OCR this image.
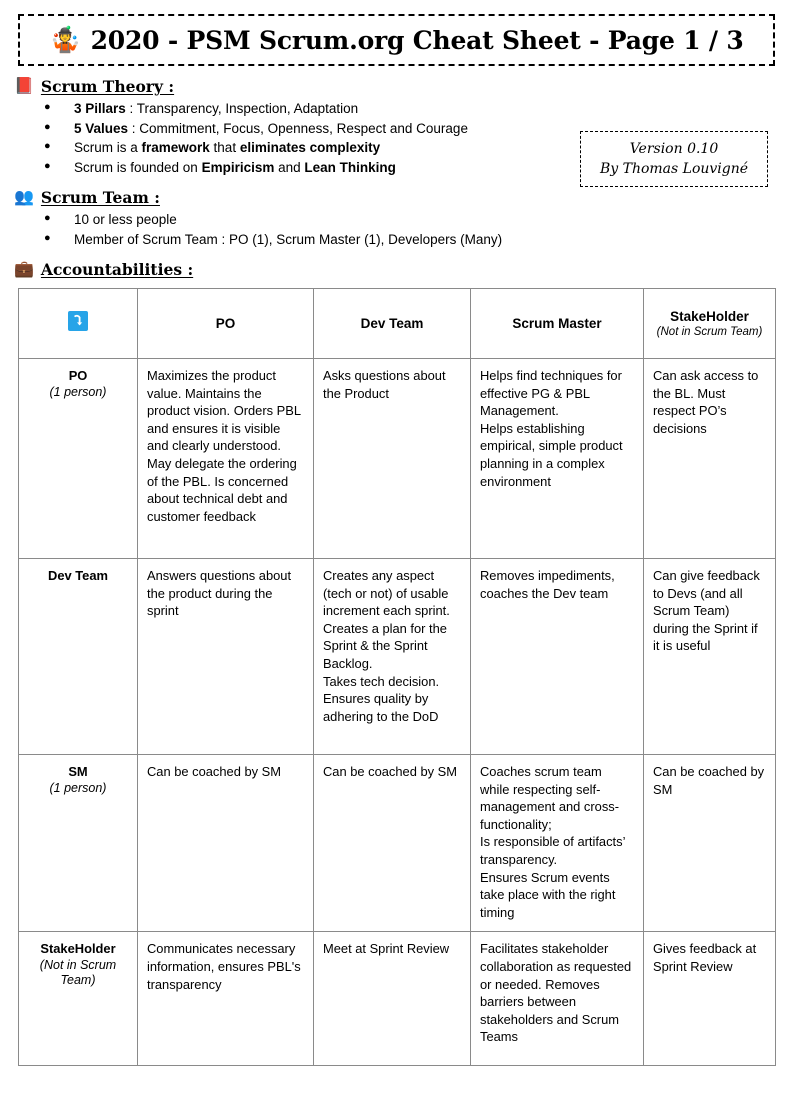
🤹 2020 - PSM Scrum.org Cheat Sheet - Page 1 / 3
📕 Scrum Theory :
● 3 Pillars : Transparency, Inspection, Adaptation
● 5 Values : Commitment, Focus, Openness, Respect and Courage
● Scrum is a framework that eliminates complexity
● Scrum is founded on Empiricism and Lean Thinking
Version 0.10
By Thomas Louvigné
👥 Scrum Team :
● 10 or less people
● Member of Scrum Team : PO (1), Scrum Master (1), Developers (Many)
💼 Accountabilities :
	PO	Dev Team	Scrum Master	StakeHolder
(Not in Scrum Team)

PO
(1 person)
	Maximizes the product value. Maintains the product vision. Orders PBL and ensures it is visible and clearly understood. May delegate the ordering of the PBL. Is concerned about technical debt and customer feedback	Asks questions about the Product	

Helps find techniques for effective PG & PBL Management.

Helps establishing empirical, simple product planning in a complex environment

	Can ask access to the BL. Must respect PO’s decisions
Dev Team	Answers questions about the product during the sprint	Creates any aspect (tech or not) of usable increment each sprint.

Creates a plan for the Sprint & the Sprint Backlog.

Takes tech decision.

Ensures quality by adhering to the DoD	Removes impediments, coaches the Dev team	Can give feedback to Devs (and all Scrum Team) during the Sprint if it is useful
SM
(1 person)
	Can be coached by SM	Can be coached by SM	Coaches scrum team while respecting self-management and cross-functionality;

Is responsible of artifacts’ transparency.

Ensures Scrum events take place with the right timing

	Can be coached by SM
StakeHolder
(Not in Scrum Team)	Communicates necessary information, ensures PBL's transparency	Meet at Sprint Review	Facilitates stakeholder collaboration as requested or needed. Removes barriers between stakeholders and Scrum Teams	Gives feedback at Sprint Review
